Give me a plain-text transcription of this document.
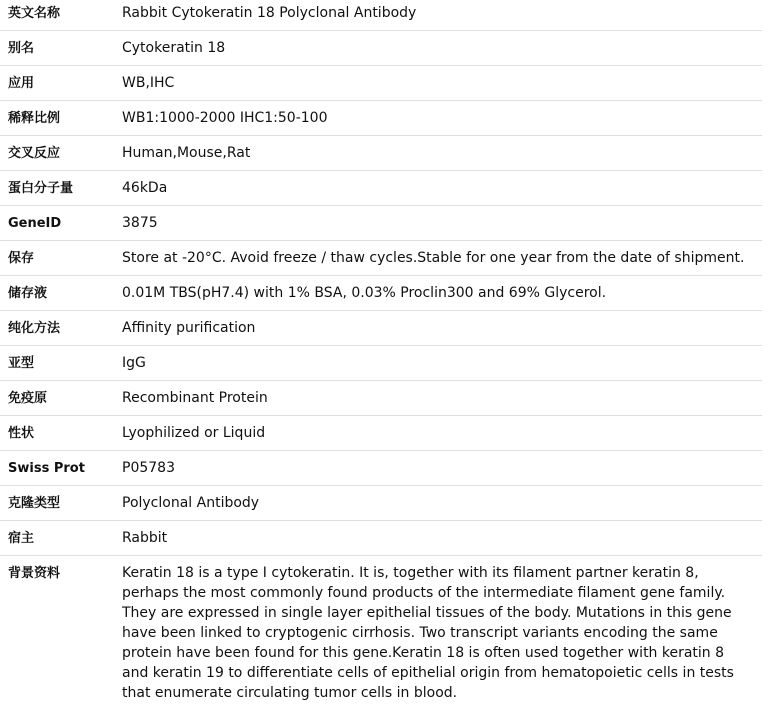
英文名称	Rabbit Cytokeratin 18 Polyclonal Antibody
别名	Cytokeratin 18
应用	WB,IHC
稀释比例	WB1:1000-2000 IHC1:50-100
交叉反应	Human,Mouse,Rat
蛋白分子量	46kDa
GeneID	3875
保存	Store at -20°C. Avoid freeze / thaw cycles.Stable for one year from the date of shipment.
储存液	0.01M TBS(pH7.4) with 1% BSA, 0.03% Proclin300 and 69% Glycerol.
纯化方法	Affinity purification
亚型	IgG
免疫原	Recombinant Protein
性状	Lyophilized or Liquid
Swiss Prot	P05783
克隆类型	Polyclonal Antibody
宿主	Rabbit
背景资料	Keratin 18 is a type I cytokeratin. It is, together with its filament partner keratin 8, perhaps the most commonly found products of the intermediate filament gene family. They are expressed in single layer epithelial tissues of the body. Mutations in this gene have been linked to cryptogenic cirrhosis. Two transcript variants encoding the same protein have been found for this gene.Keratin 18 is often used together with keratin 8 and keratin 19 to differentiate cells of epithelial origin from hematopoietic cells in tests that enumerate circulating tumor cells in blood.
